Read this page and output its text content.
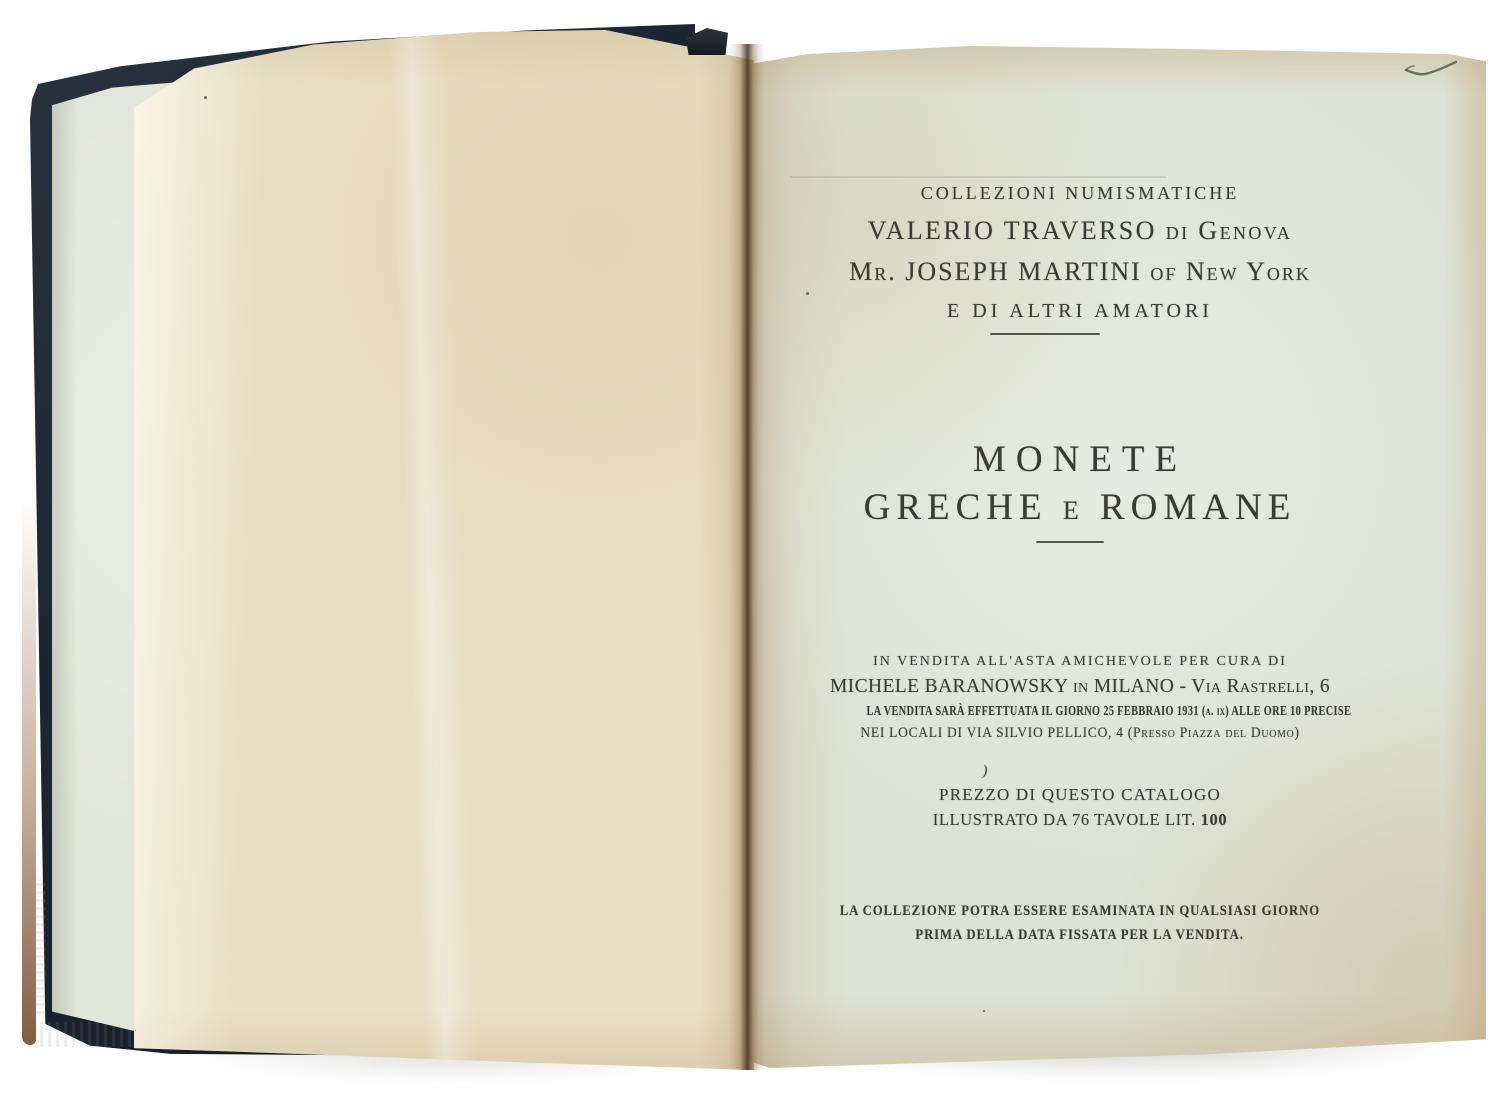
COLLEZIONI NUMISMATICHE
VALERIO TRAVERSO di Genova
Mr. JOSEPH MARTINI of New York
E DI ALTRI AMATORI
MONETE
GRECHE e ROMANE
IN VENDITA ALL'ASTA AMICHEVOLE PER CURA DI
MICHELE BARANOWSKY in MILANO - Via Rastrelli, 6
LA VENDITA SARÀ EFFETTUATA IL GIORNO 25 FEBBRAIO 1931 (a. ix) ALLE ORE 10 PRECISE
NEI LOCALI DI VIA SILVIO PELLICO, 4 (Presso Piazza del Duomo)
)
PREZZO DI QUESTO CATALOGO
ILLUSTRATO DA 76 TAVOLE LIT. 100
LA COLLEZIONE POTRA ESSERE ESAMINATA IN QUALSIASI GIORNO
PRIMA DELLA DATA FISSATA PER LA VENDITA.
